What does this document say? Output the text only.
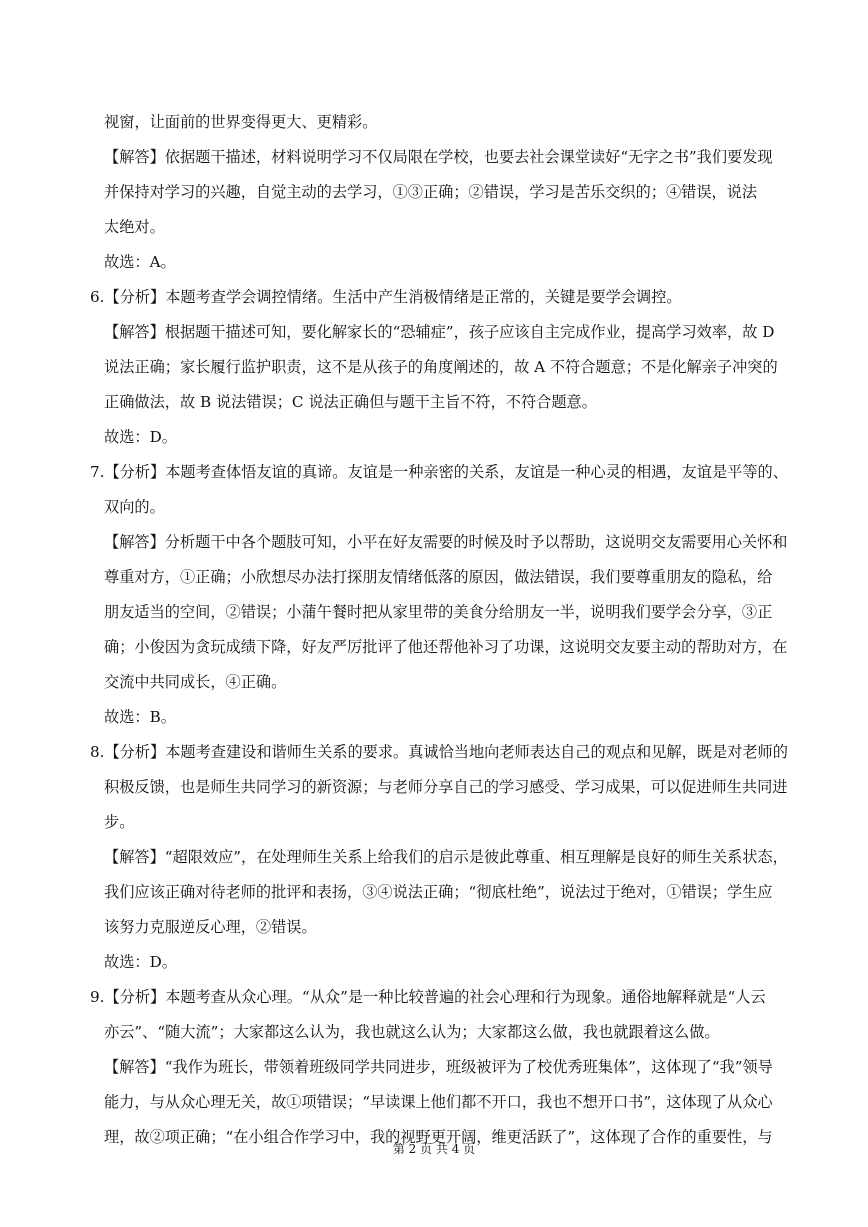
视窗，让面前的世界变得更大、更精彩。
【解答】依据题干描述，材料说明学习不仅局限在学校，也要去社会课堂读好“无字之书”我们要发现
并保持对学习的兴趣，自觉主动的去学习，①③正确；②错误，学习是苦乐交织的；④错误，说法
太绝对。
故选：A。
6.【分析】本题考查学会调控情绪。生活中产生消极情绪是正常的，关键是要学会调控。
【解答】根据题干描述可知，要化解家长的“恐辅症”，孩子应该自主完成作业，提高学习效率，故 D
说法正确；家长履行监护职责，这不是从孩子的角度阐述的，故 A 不符合题意；不是化解亲子冲突的
正确做法，故 B 说法错误；C 说法正确但与题干主旨不符，不符合题意。
故选：D。
7.【分析】本题考查体悟友谊的真谛。友谊是一种亲密的关系，友谊是一种心灵的相遇，友谊是平等的、
双向的。
【解答】分析题干中各个题肢可知，小平在好友需要的时候及时予以帮助，这说明交友需要用心关怀和
尊重对方，①正确；小欣想尽办法打探朋友情绪低落的原因，做法错误，我们要尊重朋友的隐私，给
朋友适当的空间，②错误；小蒲午餐时把从家里带的美食分给朋友一半，说明我们要学会分享，③正
确；小俊因为贪玩成绩下降，好友严厉批评了他还帮他补习了功课，这说明交友要主动的帮助对方，在
交流中共同成长，④正确。
故选：B。
8.【分析】本题考查建设和谐师生关系的要求。真诚恰当地向老师表达自己的观点和见解，既是对老师的
积极反馈，也是师生共同学习的新资源；与老师分享自己的学习感受、学习成果，可以促进师生共同进
步。
【解答】“超限效应”，在处理师生关系上给我们的启示是彼此尊重、相互理解是良好的师生关系状态，
我们应该正确对待老师的批评和表扬，③④说法正确；“彻底杜绝”，说法过于绝对，①错误；学生应
该努力克服逆反心理，②错误。
故选：D。
9.【分析】本题考查从众心理。“从众”是一种比较普遍的社会心理和行为现象。通俗地解释就是“人云
亦云”、“随大流”；大家都这么认为，我也就这么认为；大家都这么做，我也就跟着这么做。
【解答】“我作为班长，带领着班级同学共同进步，班级被评为了校优秀班集体”，这体现了“我”领导
能力，与从众心理无关，故①项错误；“早读课上他们都不开口，我也不想开口书”，这体现了从众心
理，故②项正确；“在小组合作学习中，我的视野更开阔，维更活跃了”，这体现了合作的重要性，与
第 2 页 共 4 页
